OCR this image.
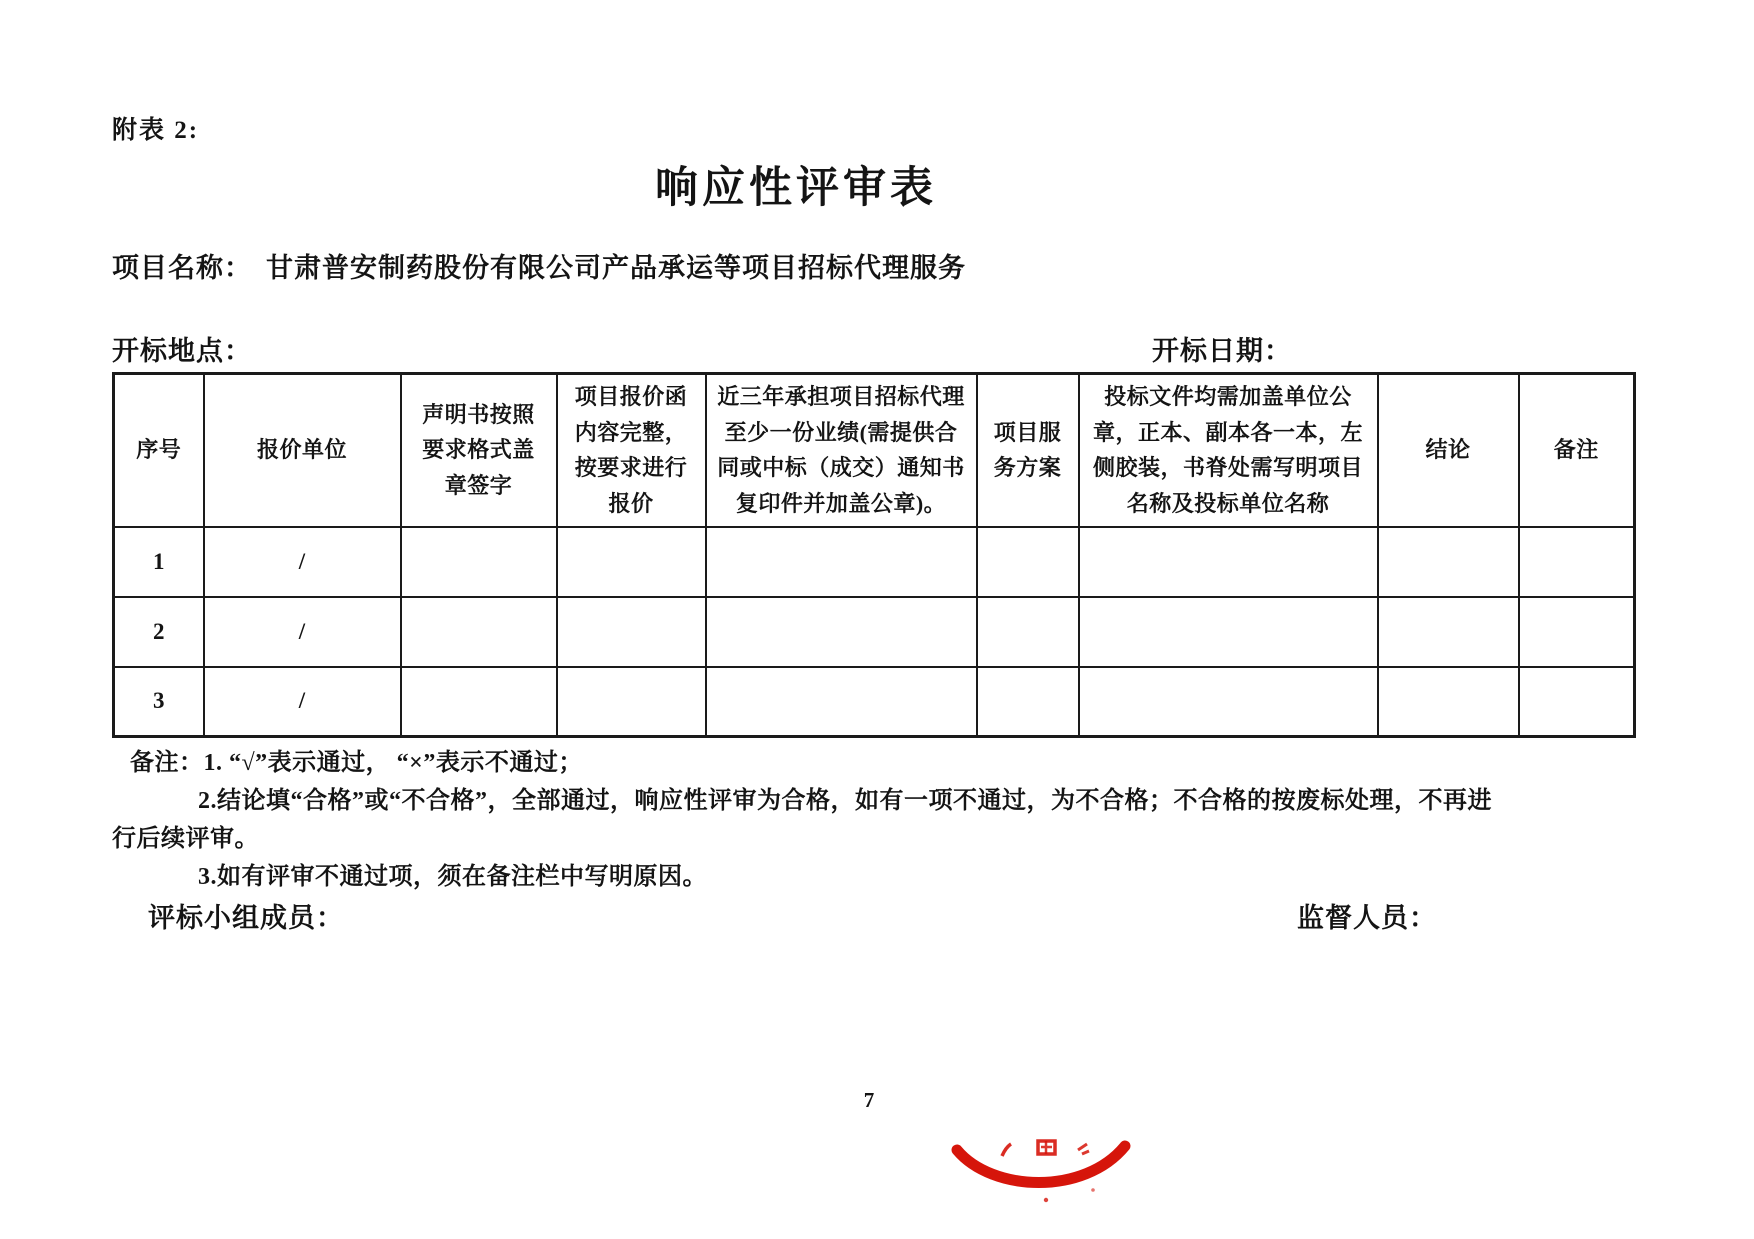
附表 2:
响应性评审表
项目名称： 甘肃普安制药股份有限公司产品承运等项目招标代理服务
开标地点：	开标日期：
序号	报价单位	声明书按照要求格式盖章签字	项目报价函内容完整，按要求进行报价	近三年承担项目招标代理至少一份业绩(需提供合同或中标（成交）通知书复印件并加盖公章)。	项目服务方案	投标文件均需加盖单位公章，正本、副本各一本，左侧胶装，书脊处需写明项目名称及投标单位名称	结论	备注
1	/							
2	/							
3	/							
备注：1. “√”表示通过， “×”表示不通过；
2.结论填“合格”或“不合格”，全部通过，响应性评审为合格，如有一项不通过，为不合格；不合格的按废标处理，不再进
行后续评审。
3.如有评审不通过项，须在备注栏中写明原因。
评标小组成员：	监督人员：
7
